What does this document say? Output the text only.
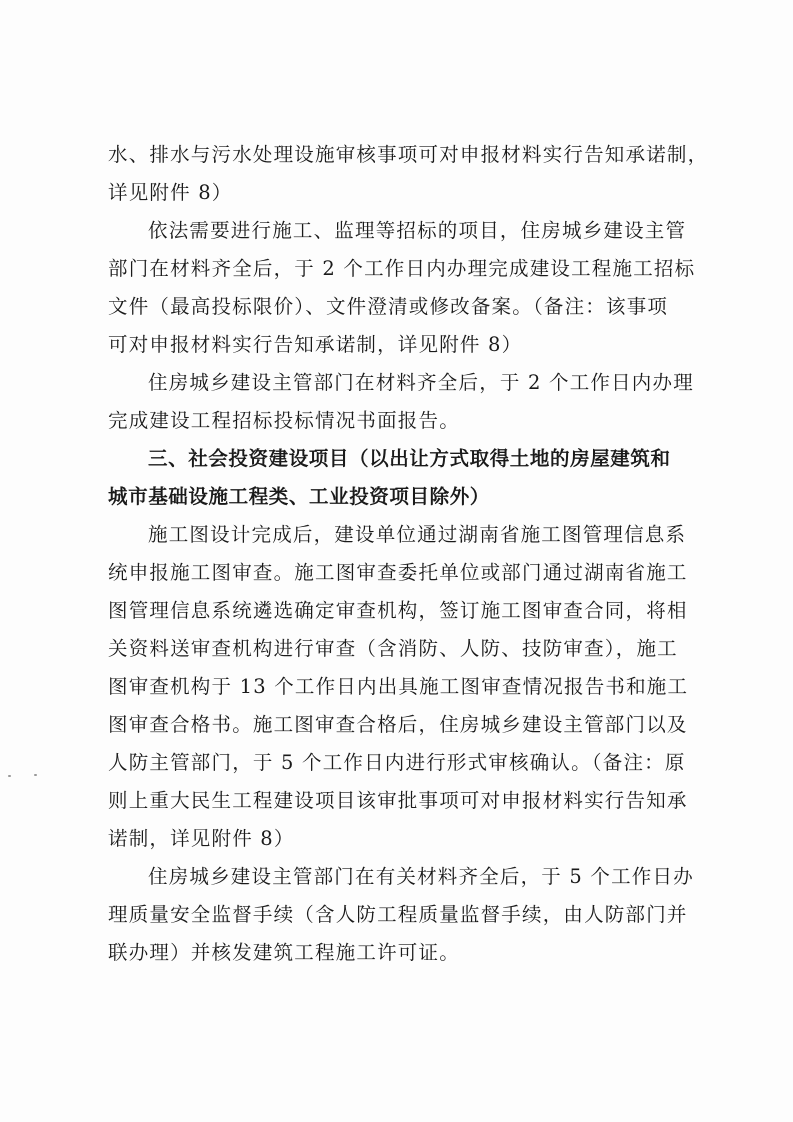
水、排水与污水处理设施审核事项可对申报材料实行告知承诺制，
详见附件 8）
依法需要进行施工、监理等招标的项目，住房城乡建设主管
部门在材料齐全后，于 2 个工作日内办理完成建设工程施工招标
文件（最高投标限价）、文件澄清或修改备案。（备注：该事项
可对申报材料实行告知承诺制，详见附件 8）
住房城乡建设主管部门在材料齐全后，于 2 个工作日内办理
完成建设工程招标投标情况书面报告。
三、社会投资建设项目（以出让方式取得土地的房屋建筑和
城市基础设施工程类、工业投资项目除外）
施工图设计完成后，建设单位通过湖南省施工图管理信息系
统申报施工图审查。施工图审查委托单位或部门通过湖南省施工
图管理信息系统遴选确定审查机构，签订施工图审查合同，将相
关资料送审查机构进行审查（含消防、人防、技防审查），施工
图审查机构于 13 个工作日内出具施工图审查情况报告书和施工
图审查合格书。施工图审查合格后，住房城乡建设主管部门以及
人防主管部门，于 5 个工作日内进行形式审核确认。（备注：原
则上重大民生工程建设项目该审批事项可对申报材料实行告知承
诺制，详见附件 8）
住房城乡建设主管部门在有关材料齐全后，于 5 个工作日办
理质量安全监督手续（含人防工程质量监督手续，由人防部门并
联办理）并核发建筑工程施工许可证。
